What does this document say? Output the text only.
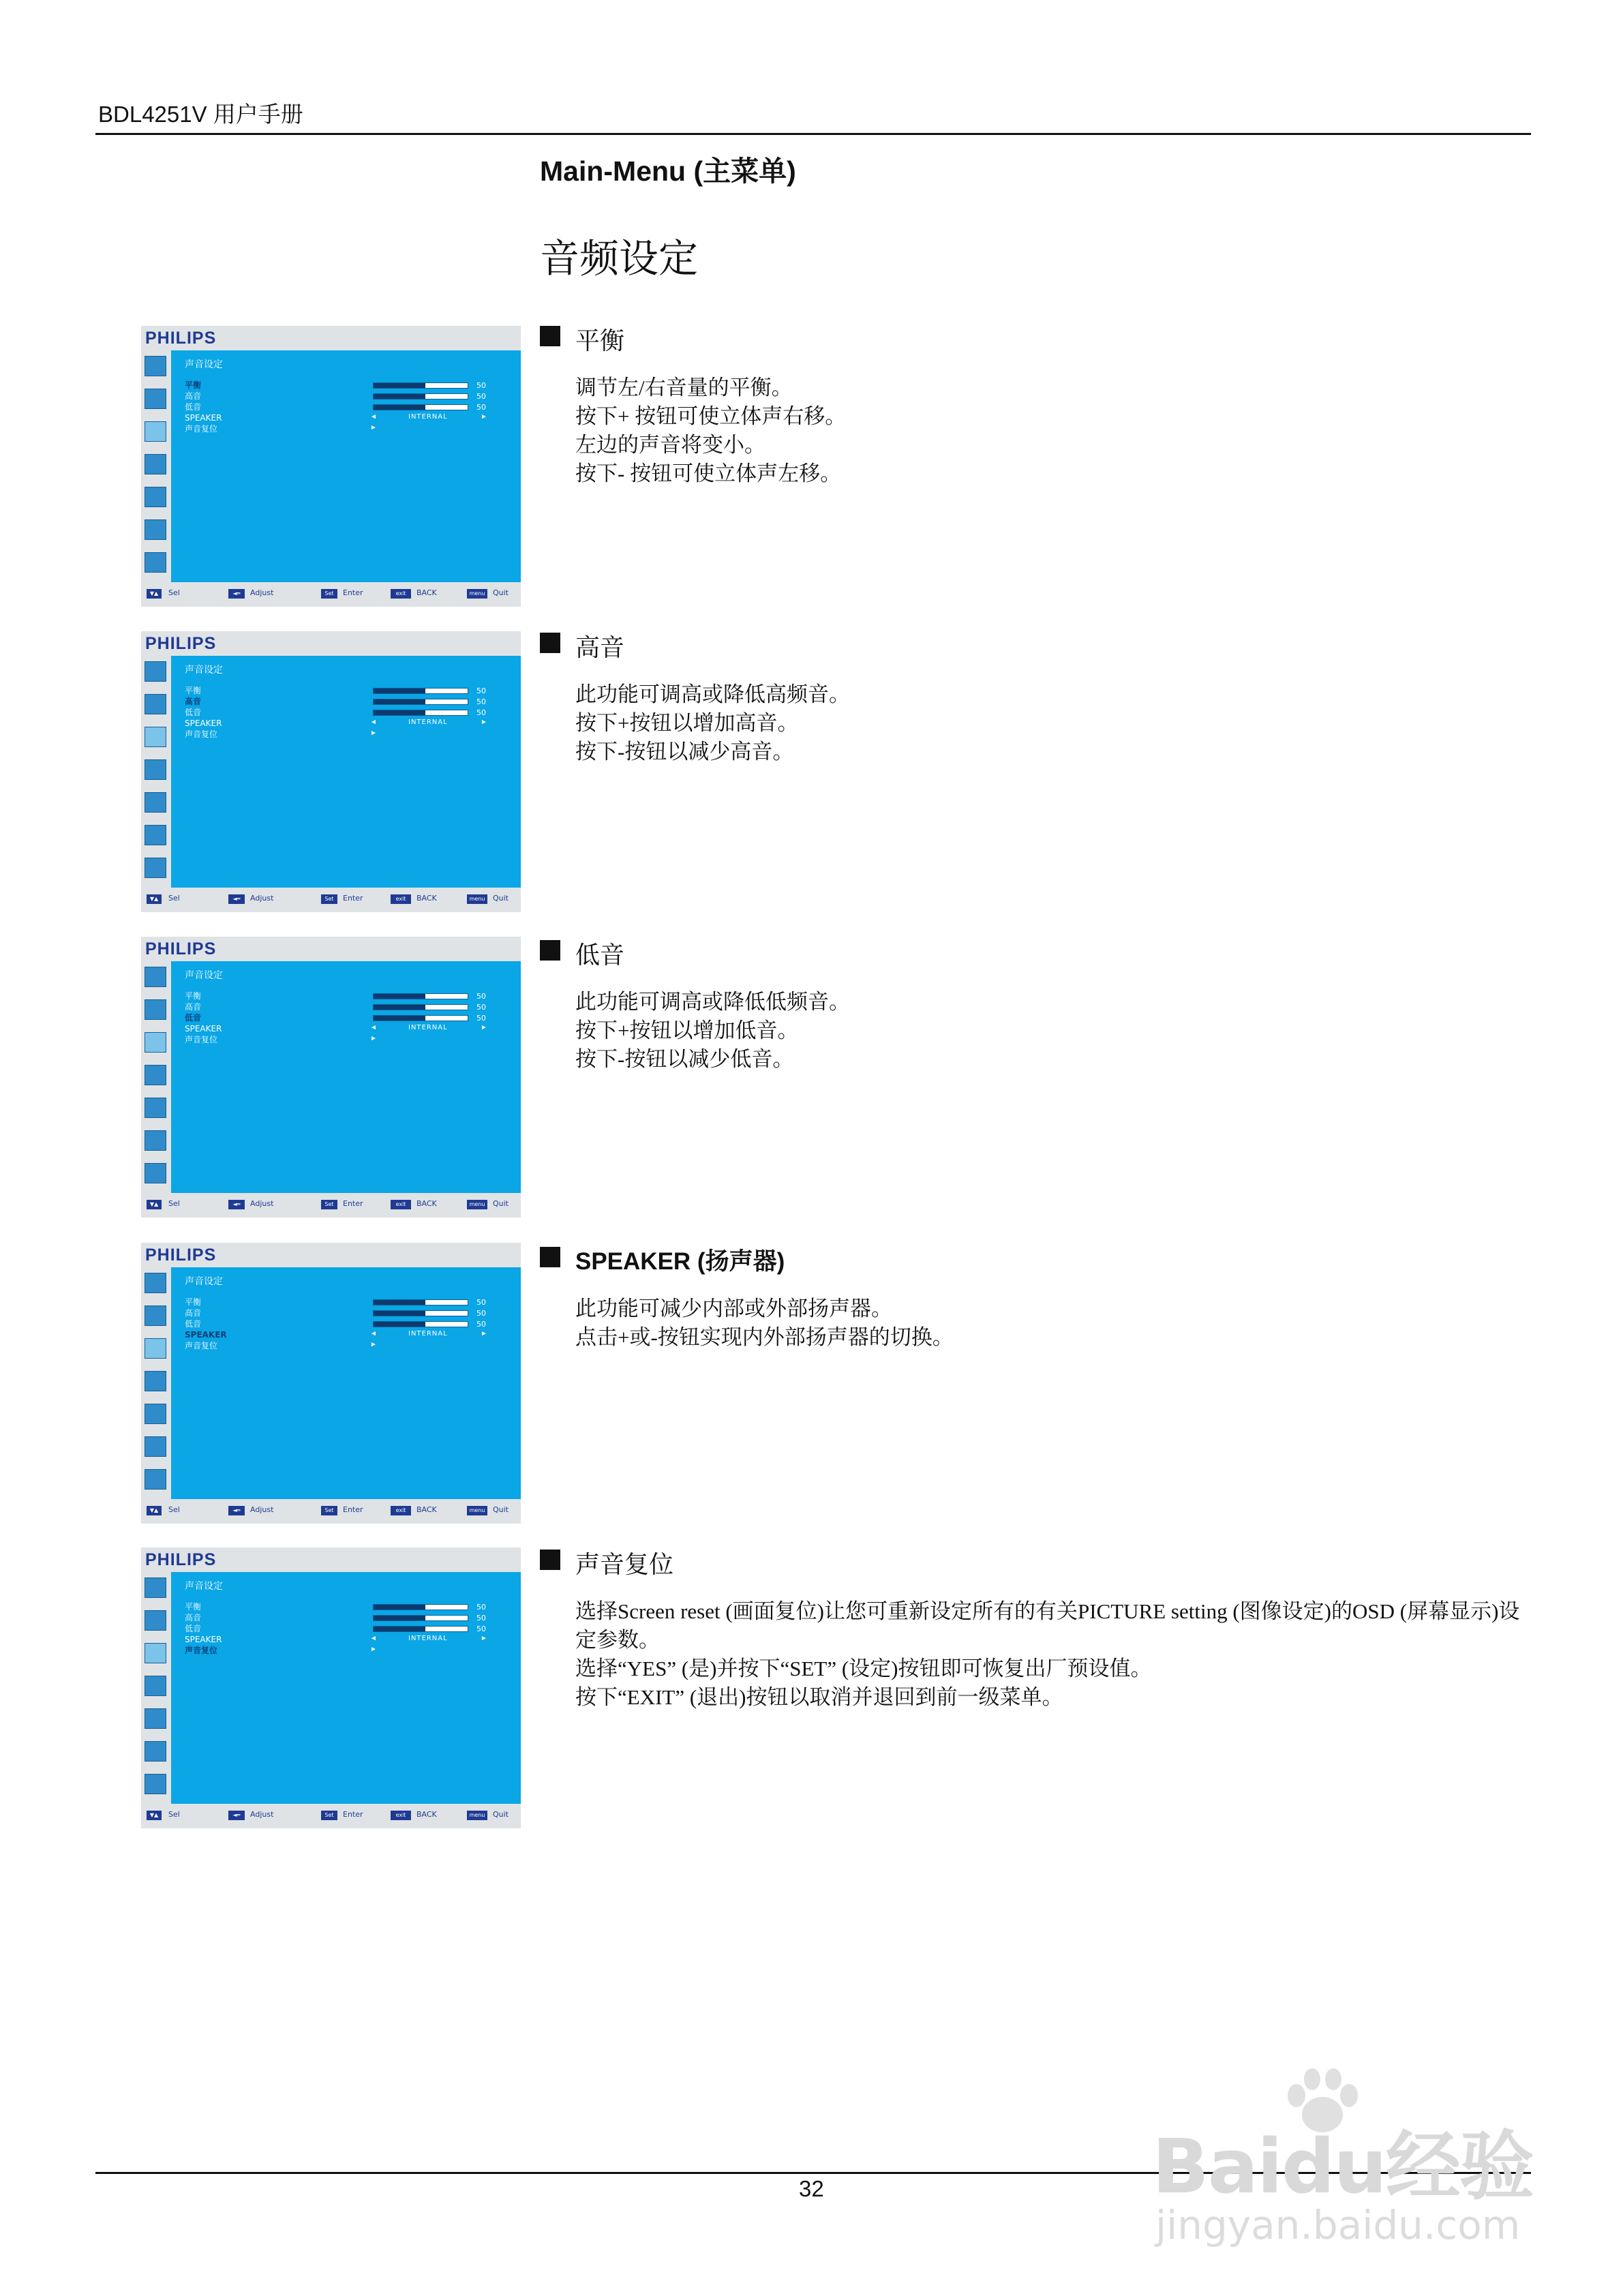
BDL4251V 用户手册
Main-Menu (主菜单)
音频设定
PHILIPS
声音设定
平衡
高音
低音
SPEAKER
声音复位
50
50
50
◄	INTERNAL	►
►
▼▲	Sel	◄═	Adjust	Set	Enter	exit	BACK	menu	Quit
PHILIPS
声音设定
平衡
高音
低音
SPEAKER
声音复位
50
50
50
◄	INTERNAL	►
►
▼▲	Sel	◄═	Adjust	Set	Enter	exit	BACK	menu	Quit
PHILIPS
声音设定
平衡
高音
低音
SPEAKER
声音复位
50
50
50
◄	INTERNAL	►
►
▼▲	Sel	◄═	Adjust	Set	Enter	exit	BACK	menu	Quit
PHILIPS
声音设定
平衡
高音
低音
SPEAKER
声音复位
50
50
50
◄	INTERNAL	►
►
▼▲	Sel	◄═	Adjust	Set	Enter	exit	BACK	menu	Quit
PHILIPS
声音设定
平衡
高音
低音
SPEAKER
声音复位
50
50
50
◄	INTERNAL	►
►
▼▲	Sel	◄═	Adjust	Set	Enter	exit	BACK	menu	Quit
平衡
调节左/右音量的平衡。
按下+ 按钮可使立体声右移。
左边的声音将变小。
按下- 按钮可使立体声左移。
高音
此功能可调高或降低高频音。
按下+按钮以增加高音。
按下-按钮以减少高音。
低音
此功能可调高或降低低频音。
按下+按钮以增加低音。
按下-按钮以减少低音。
SPEAKER (扬声器)
此功能可减少内部或外部扬声器。
点击+或-按钮实现内外部扬声器的切换。
声音复位
选择Screen reset (画面复位)让您可重新设定所有的有关PICTURE setting (图像设定)的OSD (屏幕显示)设定参数。
选择“YES” (是)并按下“SET” (设定)按钮即可恢复出厂预设值。
按下“EXIT” (退出)按钮以取消并退回到前一级菜单。
32	Baidu经验
jingyan.baidu.com
